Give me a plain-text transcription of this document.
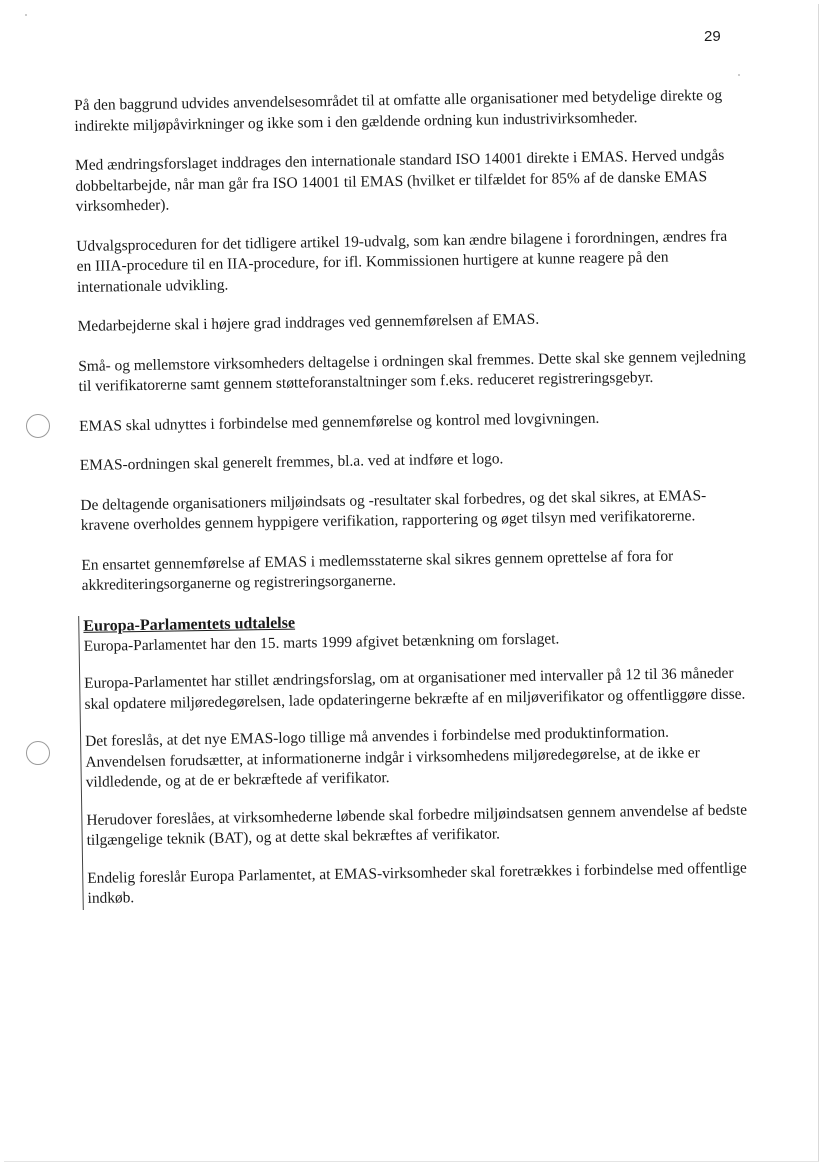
29

På den baggrund udvides anvendelsesområdet til at omfatte alle organisationer med betydelige direkte og indirekte miljøpåvirkninger og ikke som i den gældende ordning kun industrivirksomheder.

Med ændringsforslaget inddrages den internationale standard ISO 14001 direkte i EMAS. Herved undgås dobbeltarbejde, når man går fra ISO 14001 til EMAS (hvilket er tilfældet for 85% af de danske EMAS virksomheder).

Udvalgsproceduren for det tidligere artikel 19-udvalg, som kan ændre bilagene i forordningen, ændres fra en IIIA-procedure til en IIA-procedure, for ifl. Kommissionen hurtigere at kunne reagere på den internationale udvikling.

Medarbejderne skal i højere grad inddrages ved gennemførelsen af EMAS.

Små- og mellemstore virksomheders deltagelse i ordningen skal fremmes. Dette skal ske gennem vejledning til verifikatorerne samt gennem støtteforanstaltninger som f.eks. reduceret registreringsgebyr.

EMAS skal udnyttes i forbindelse med gennemførelse og kontrol med lovgivningen.

EMAS-ordningen skal generelt fremmes, bl.a. ved at indføre et logo.

De deltagende organisationers miljøindsats og -resultater skal forbedres, og det skal sikres, at EMAS-kravene overholdes gennem hyppigere verifikation, rapportering og øget tilsyn med verifikatorerne.

En ensartet gennemførelse af EMAS i medlemsstaterne skal sikres gennem oprettelse af fora for akkrediteringsorganerne og registreringsorganerne.

Europa-Parlamentets udtalelse

Europa-Parlamentet har den 15. marts 1999 afgivet betænkning om forslaget.

Europa-Parlamentet har stillet ændringsforslag, om at organisationer med intervaller på 12 til 36 måneder skal opdatere miljøredegørelsen, lade opdateringerne bekræfte af en miljøverifikator og offentliggøre disse.

Det foreslås, at det nye EMAS-logo tillige må anvendes i forbindelse med produktinformation. Anvendelsen forudsætter, at informationerne indgår i virksomhedens miljøredegørelse, at de ikke er vildledende, og at de er bekræftede af verifikator.

Herudover foreslåes, at virksomhederne løbende skal forbedre miljøindsatsen gennem anvendelse af bedste tilgængelige teknik (BAT), og at dette skal bekræftes af verifikator.

Endelig foreslår Europa Parlamentet, at EMAS-virksomheder skal foretrækkes i forbindelse med offentlige indkøb.
